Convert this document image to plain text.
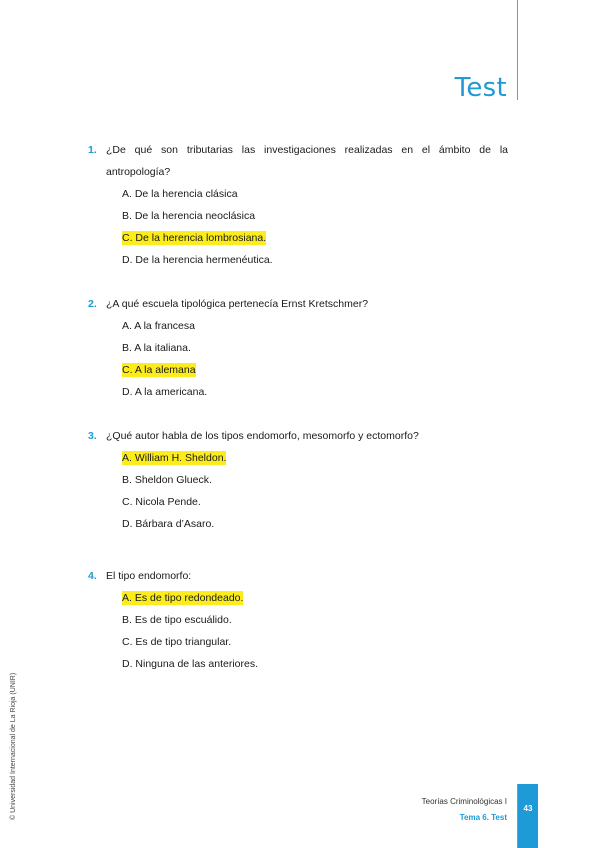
Test
1. ¿De qué son tributarias las investigaciones realizadas en el ámbito de la
antropología?
A. De la herencia clásica
B. De la herencia neoclásica
C. De la herencia lombrosiana.
D. De la herencia hermenéutica.
2. ¿A qué escuela tipológica pertenecía Ernst Kretschmer?
A. A la francesa
B. A la italiana.
C. A la alemana
D. A la americana.
3. ¿Qué autor habla de los tipos endomorfo, mesomorfo y ectomorfo?
A. William H. Sheldon.
B. Sheldon Glueck.
C. Nicola Pende.
D. Bárbara d’Asaro.
4. El tipo endomorfo:
A. Es de tipo redondeado.
B. Es de tipo escuálido.
C. Es de tipo triangular.
D. Ninguna de las anteriores.
© Universidad Internacional de La Rioja (UNIR)	Teorías Criminológicas I
Tema 6. Test
43
